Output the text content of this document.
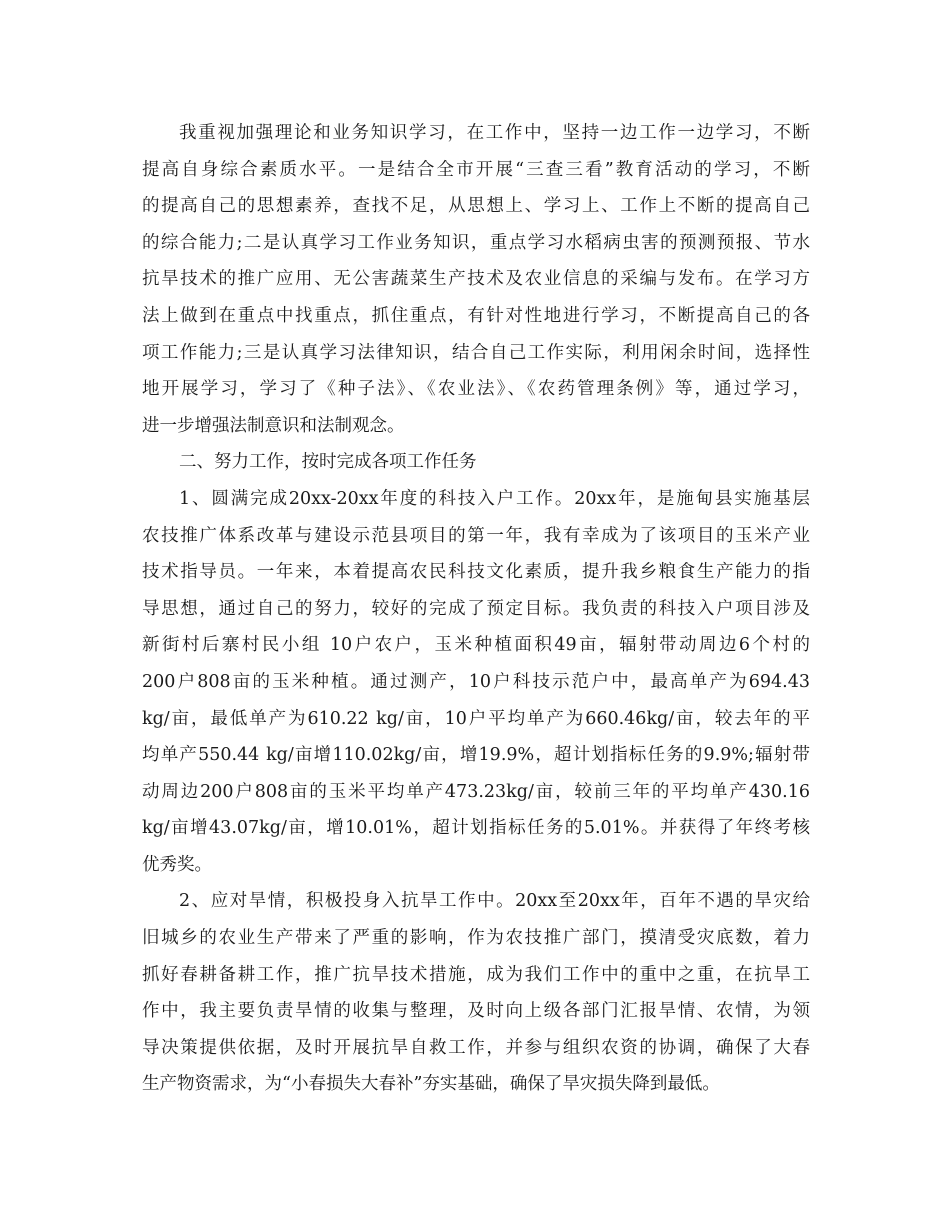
我重视加强理论和业务知识学习，在工作中，坚持一边工作一边学习，不断
提高自身综合素质水平。一是结合全市开展“三查三看”教育活动的学习，不断
的提高自己的思想素养，查找不足，从思想上、学习上、工作上不断的提高自己
的综合能力;二是认真学习工作业务知识，重点学习水稻病虫害的预测预报、节水
抗旱技术的推广应用、无公害蔬菜生产技术及农业信息的采编与发布。在学习方
法上做到在重点中找重点，抓住重点，有针对性地进行学习，不断提高自己的各
项工作能力;三是认真学习法律知识，结合自己工作实际，利用闲余时间，选择性
地开展学习，学习了《种子法》、《农业法》、《农药管理条例》等，通过学习，
进一步增强法制意识和法制观念。
二、努力工作，按时完成各项工作任务
1、圆满完成20xx-20xx年度的科技入户工作。20xx年，是施甸县实施基层
农技推广体系改革与建设示范县项目的第一年，我有幸成为了该项目的玉米产业
技术指导员。一年来，本着提高农民科技文化素质，提升我乡粮食生产能力的指
导思想，通过自己的努力，较好的完成了预定目标。我负责的科技入户项目涉及
新街村后寨村民小组 10户农户，玉米种植面积49亩，辐射带动周边6个村的
200户808亩的玉米种植。通过测产，10户科技示范户中，最高单产为694.43
kg/亩，最低单产为610.22 kg/亩，10户平均单产为660.46kg/亩，较去年的平
均单产550.44 kg/亩增110.02kg/亩，增19.9%，超计划指标任务的9.9%;辐射带
动周边200户808亩的玉米平均单产473.23kg/亩，较前三年的平均单产430.16
kg/亩增43.07kg/亩，增10.01%，超计划指标任务的5.01%。并获得了年终考核
优秀奖。
2、应对旱情，积极投身入抗旱工作中。20xx至20xx年，百年不遇的旱灾给
旧城乡的农业生产带来了严重的影响，作为农技推广部门，摸清受灾底数，着力
抓好春耕备耕工作，推广抗旱技术措施，成为我们工作中的重中之重，在抗旱工
作中，我主要负责旱情的收集与整理，及时向上级各部门汇报旱情、农情，为领
导决策提供依据，及时开展抗旱自救工作，并参与组织农资的协调，确保了大春
生产物资需求，为“小春损失大春补”夯实基础，确保了旱灾损失降到最低。
